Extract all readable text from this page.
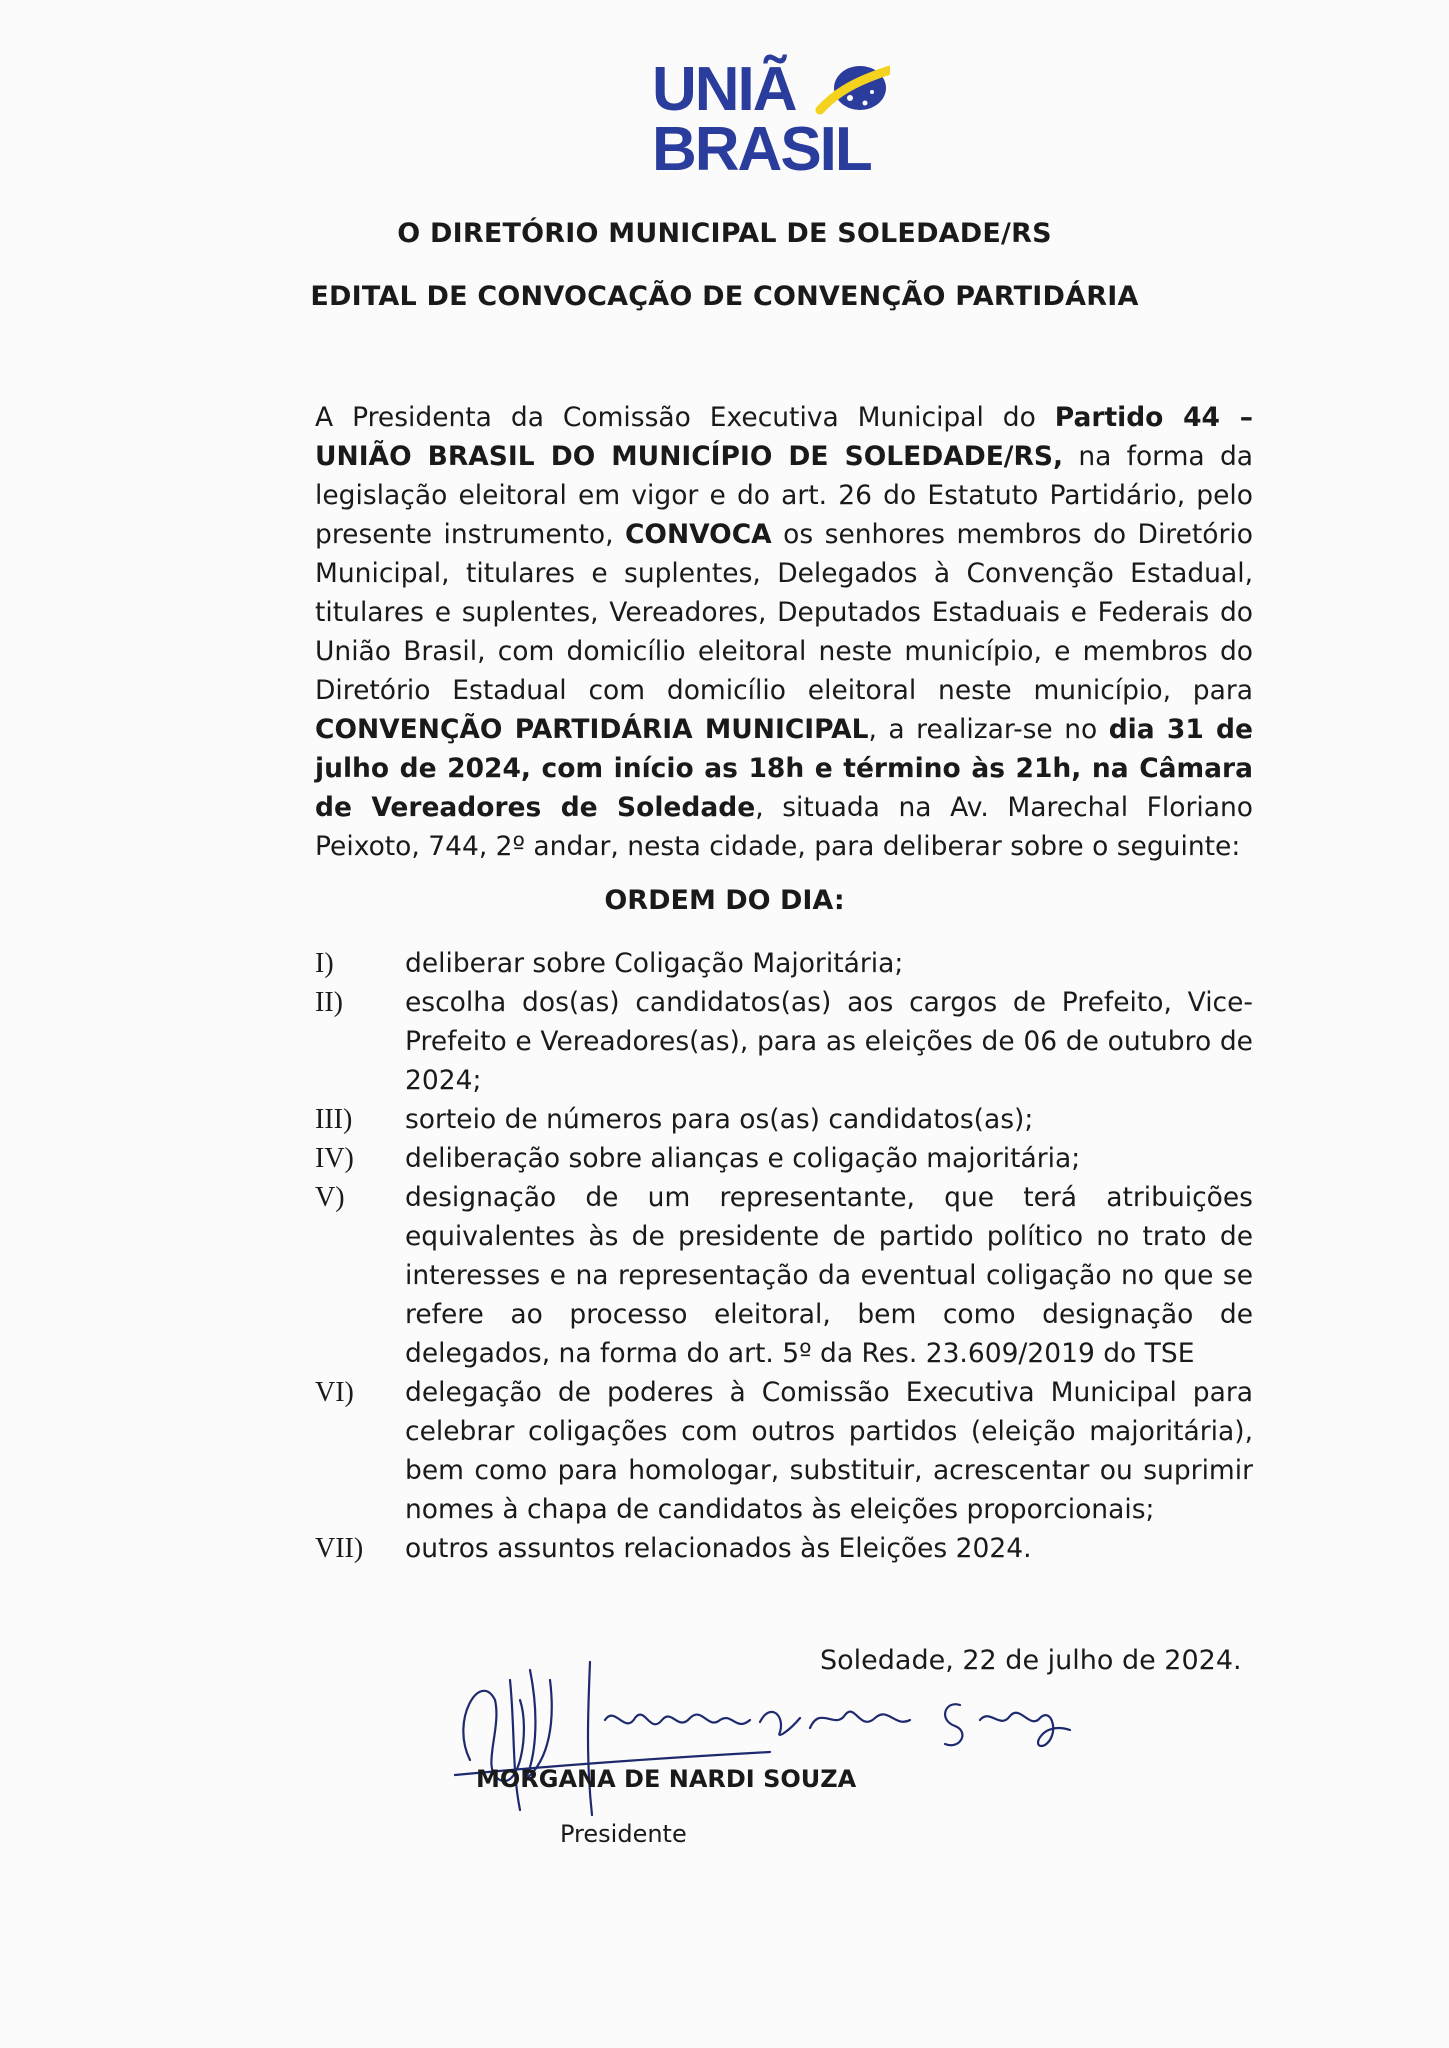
UNIÃ
BRASIL
O DIRETÓRIO MUNICIPAL DE SOLEDADE/RS
EDITAL DE CONVOCAÇÃO DE CONVENÇÃO PARTIDÁRIA
A Presidenta da Comissão Executiva Municipal do Partido 44 – UNIÃO BRASIL DO MUNICÍPIO DE SOLEDADE/RS, na forma da legislação eleitoral em vigor e do art. 26 do Estatuto Partidário, pelo presente instrumento, CONVOCA os senhores membros do Diretório Municipal, titulares e suplentes, Delegados à Convenção Estadual, titulares e suplentes, Vereadores, Deputados Estaduais e Federais do União Brasil, com domicílio eleitoral neste município, e membros do Diretório Estadual com domicílio eleitoral neste município, para CONVENÇÃO PARTIDÁRIA MUNICIPAL, a realizar-se no dia 31 de julho de 2024, com início as 18h e término às 21h, na Câmara de Vereadores de Soledade, situada na Av. Marechal Floriano Peixoto, 744, 2º andar, nesta cidade, para deliberar sobre o seguinte:
ORDEM DO DIA:
I)	deliberar sobre Coligação Majoritária;
II)	escolha dos(as) candidatos(as) aos cargos de Prefeito, Vice-Prefeito e Vereadores(as), para as eleições de 06 de outubro de 2024;
III)	sorteio de números para os(as) candidatos(as);
IV)	deliberação sobre alianças e coligação majoritária;
V)	designação de um representante, que terá atribuições equivalentes às de presidente de partido político no trato de interesses e na representação da eventual coligação no que se refere ao processo eleitoral, bem como designação de delegados, na forma do art. 5º da Res. 23.609/2019 do TSE
VI)	delegação de poderes à Comissão Executiva Municipal para celebrar coligações com outros partidos (eleição majoritária), bem como para homologar, substituir, acrescentar ou suprimir nomes à chapa de candidatos às eleições proporcionais;
VII)	outros assuntos relacionados às Eleições 2024.
Soledade, 22 de julho de 2024.
MORGANA DE NARDI SOUZA
Presidente
